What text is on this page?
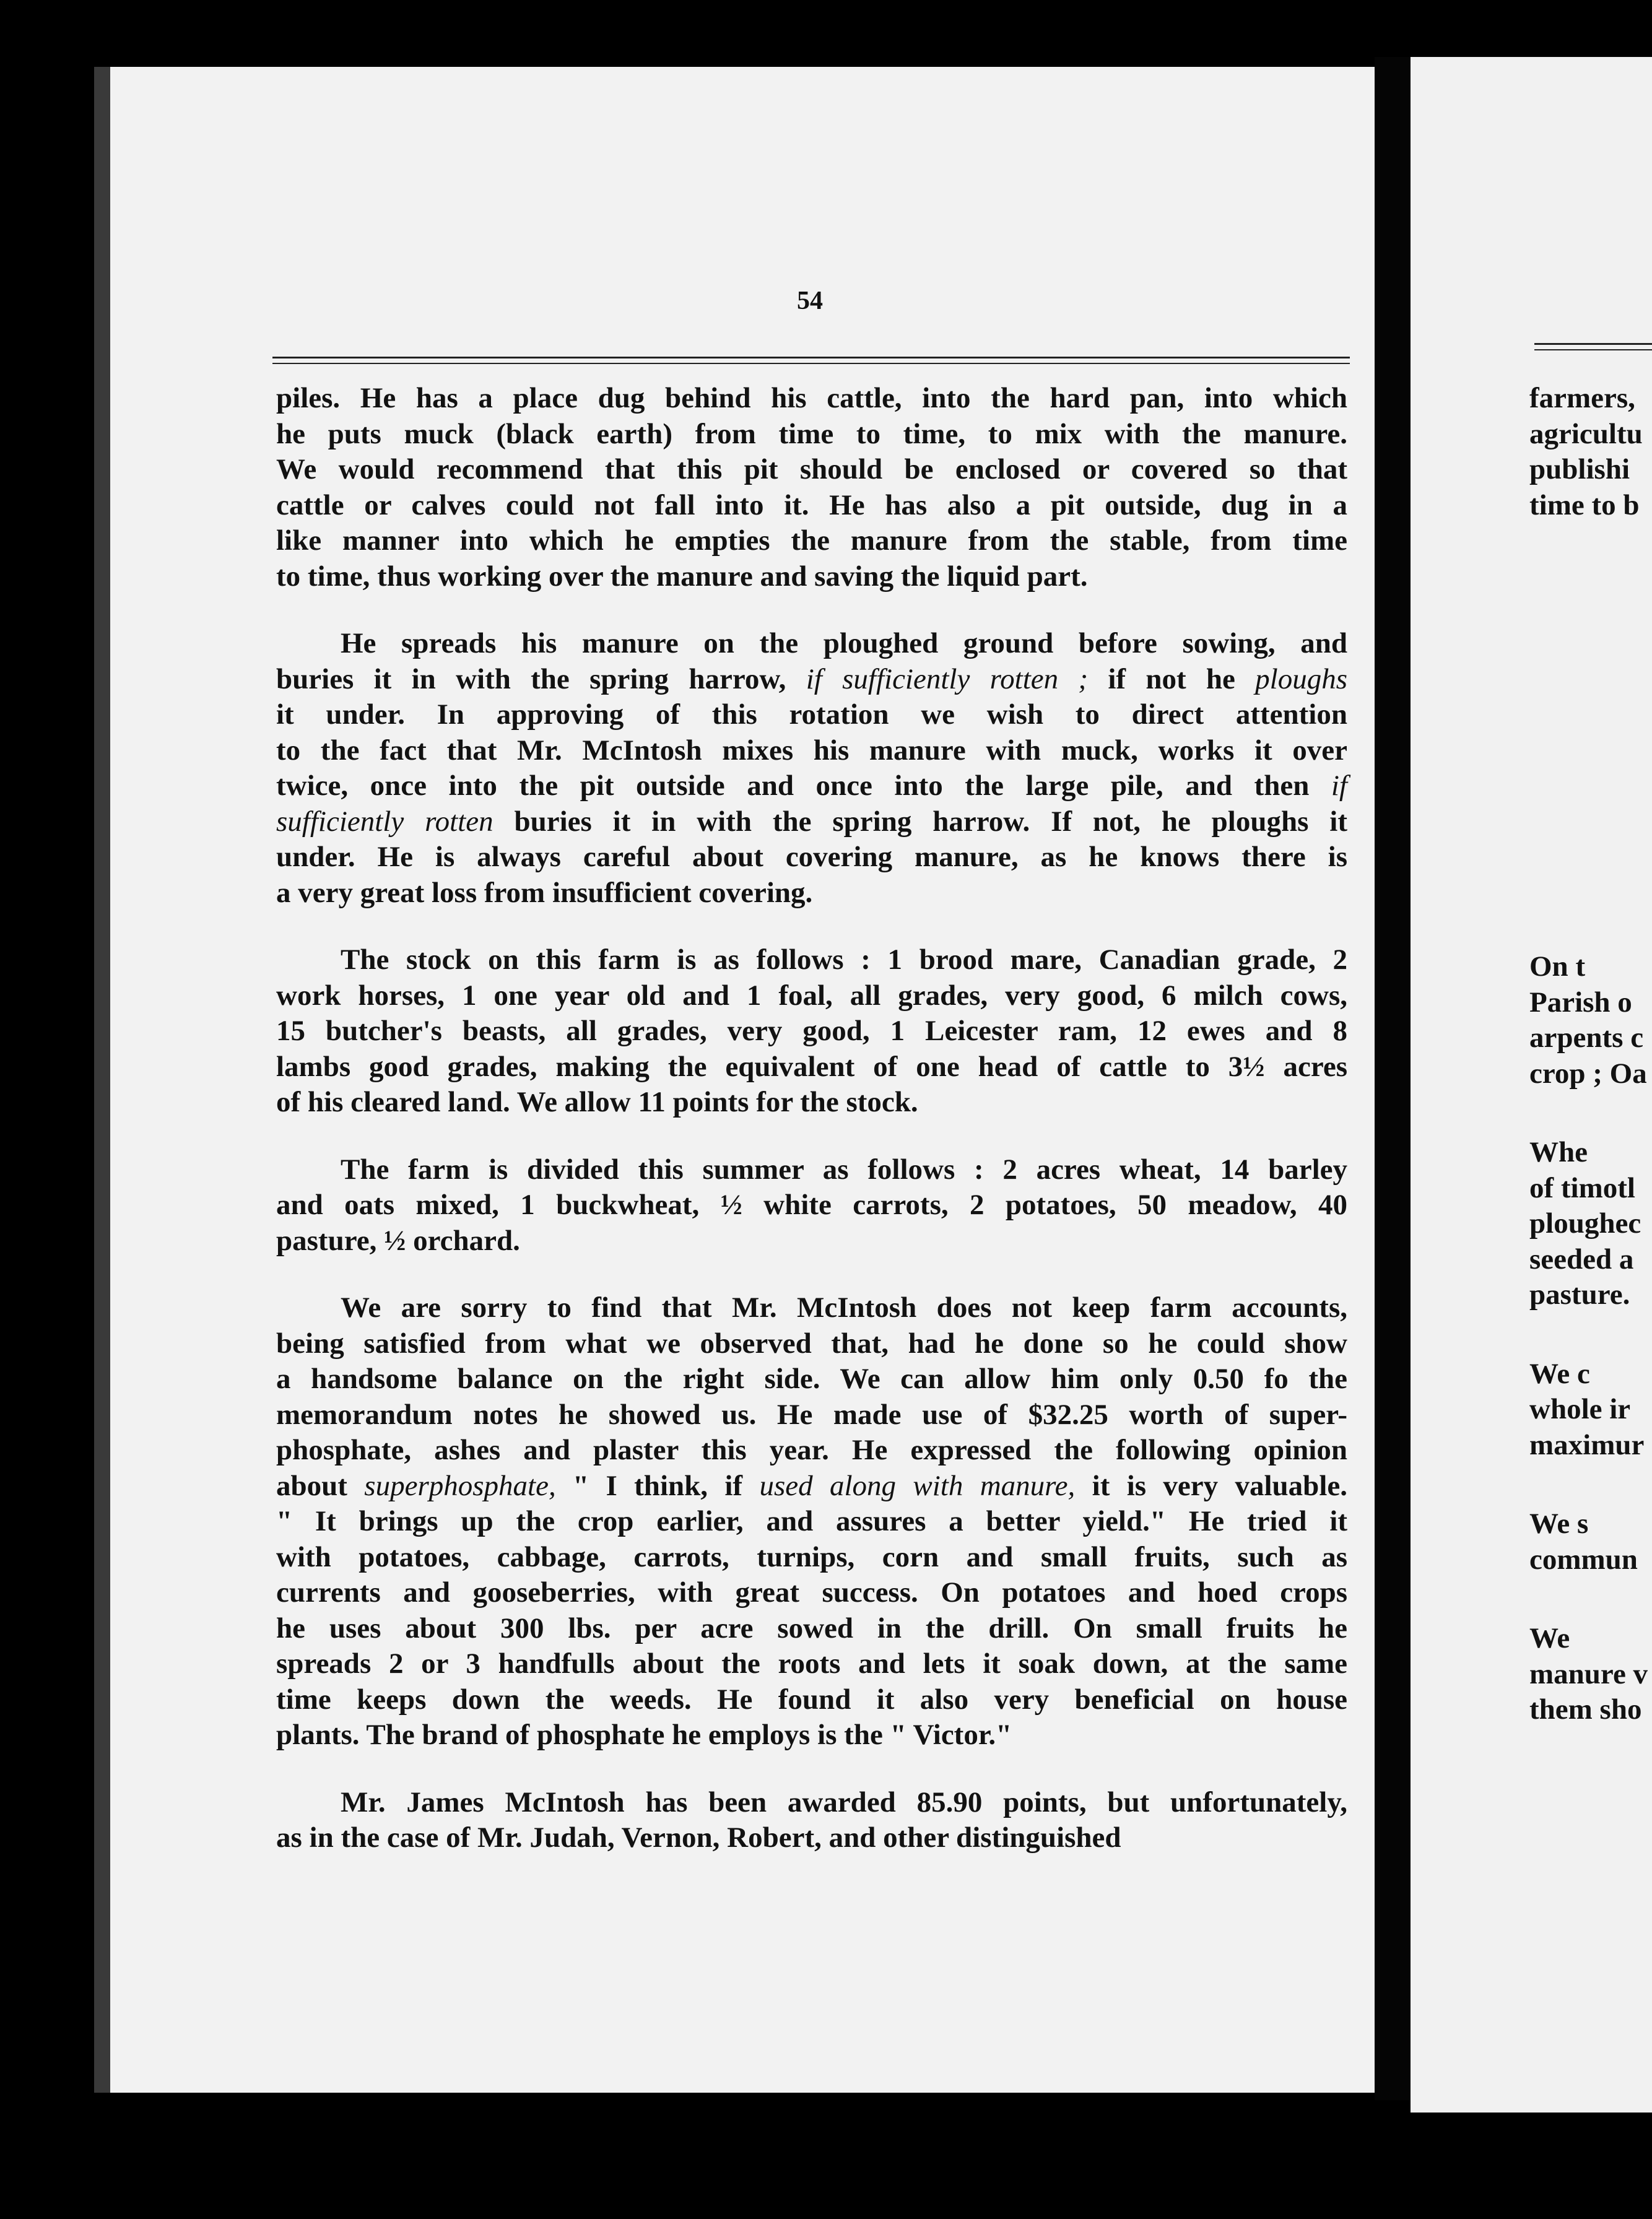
54

piles. He has a place dug behind his cattle, into the hard pan, into which
he puts muck (black earth) from time to time, to mix with the manure.
We would recommend that this pit should be enclosed or covered so that
cattle or calves could not fall into it. He has also a pit outside, dug in a
like manner into which he empties the manure from the stable, from time
to time, thus working over the manure and saving the liquid part.

He spreads his manure on the ploughed ground before sowing, and
buries it in with the spring harrow, if sufficiently rotten ; if not he ploughs
it under. In approving of this rotation we wish to direct attention
to the fact that Mr. McIntosh mixes his manure with muck, works it over
twice, once into the pit outside and once into the large pile, and then if
sufficiently rotten buries it in with the spring harrow. If not, he ploughs it
under. He is always careful about covering manure, as he knows there is
a very great loss from insufficient covering.

The stock on this farm is as follows : 1 brood mare, Canadian grade, 2
work horses, 1 one year old and 1 foal, all grades, very good, 6 milch cows,
15 butcher's beasts, all grades, very good, 1 Leicester ram, 12 ewes and 8
lambs good grades, making the equivalent of one head of cattle to 3½ acres
of his cleared land. We allow 11 points for the stock.

The farm is divided this summer as follows : 2 acres wheat, 14 barley
and oats mixed, 1 buckwheat, ½ white carrots, 2 potatoes, 50 meadow, 40
pasture, ½ orchard.

We are sorry to find that Mr. McIntosh does not keep farm accounts,
being satisfied from what we observed that, had he done so he could show
a handsome balance on the right side. We can allow him only 0.50 fo the
memorandum notes he showed us. He made use of $32.25 worth of super-
phosphate, ashes and plaster this year. He expressed the following opinion
about superphosphate, " I think, if used along with manure, it is very valuable.
" It brings up the crop earlier, and assures a better yield." He tried it
with potatoes, cabbage, carrots, turnips, corn and small fruits, such as
currents and gooseberries, with great success. On potatoes and hoed crops
he uses about 300 lbs. per acre sowed in the drill. On small fruits he
spreads 2 or 3 handfulls about the roots and lets it soak down, at the same
time keeps down the weeds. He found it also very beneficial on house
plants. The brand of phosphate he employs is the " Victor."

Mr. James McIntosh has been awarded 85.90 points, but unfortunately,
as in the case of Mr. Judah, Vernon, Robert, and other distinguished

farmers,
agricultu
publishi
time to b
On t
Parish o
arpents c
crop ; Oa
Whe
of timotl
ploughec
seeded a
pasture.
We c
whole ir
maximur
We s
commun
We
manure v
them sho
